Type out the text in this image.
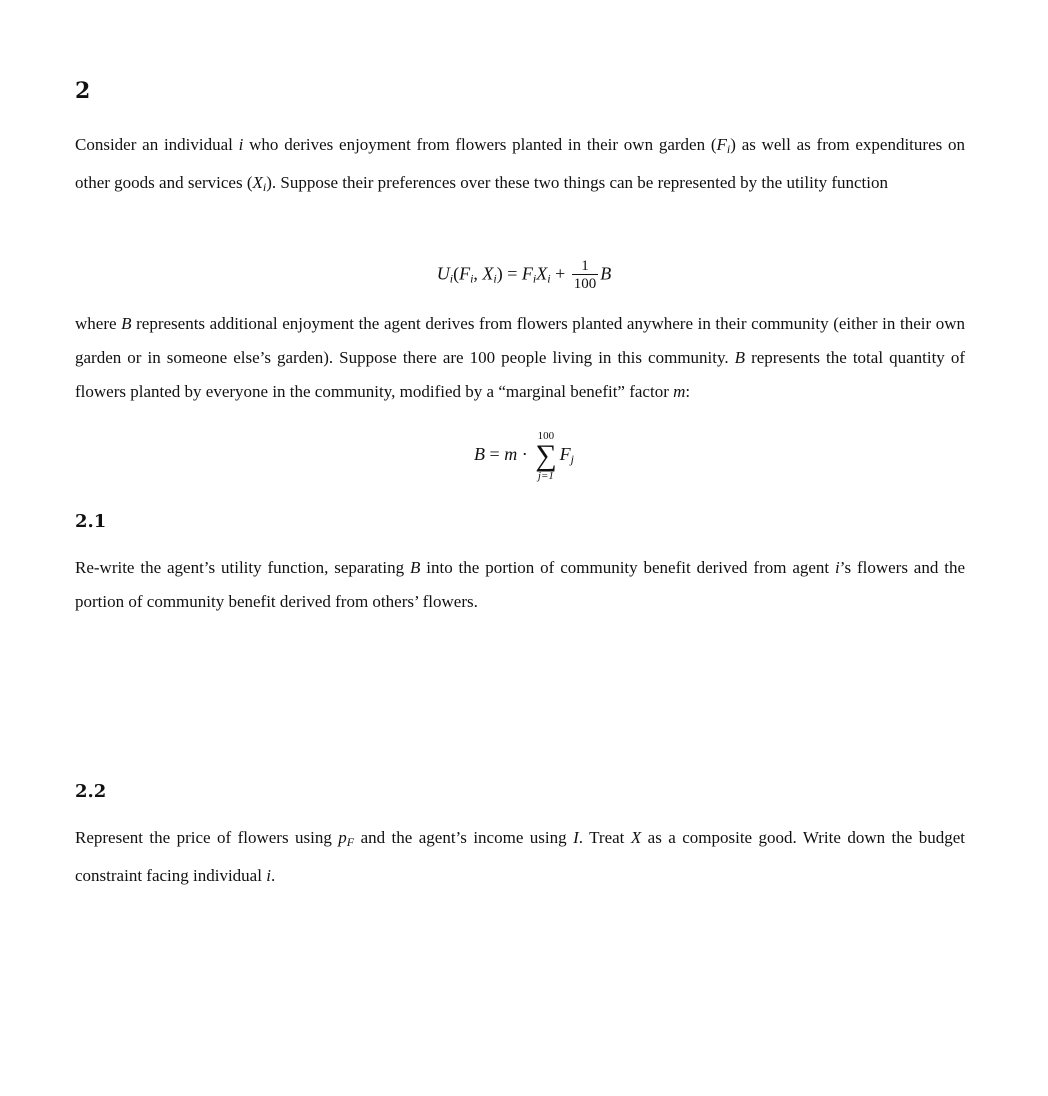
2

Consider an individual i who derives enjoyment from flowers planted in their own garden $(F_i)$ as well as from expenditures on other goods and services $(X_i)$. Suppose their preferences over these two things can be represented by the utility function

$U_i(F_i$, $X_i) = F_iX_i + \frac{1}{100}$ B

where B represents additional enjoyment the agent derives from flowers planted anywhere in their community (either in their own garden or in someone else’s garden). Suppose there are 100 people living in this community. B represents the total quantity of flowers planted by everyone in the community, modified by a “marginal benefit” factor m:

B = m ·
100
∑
j=1
$F_j$
2.1

Re-write the agent’s utility function, separating B into the portion of community benefit derived from agent i’s flowers and the portion of community benefit derived from others’ flowers.

2.2

Represent the price of flowers using $p_F$ and the agent’s income using I. Treat X as a composite good. Write down the budget constraint facing individual i.
